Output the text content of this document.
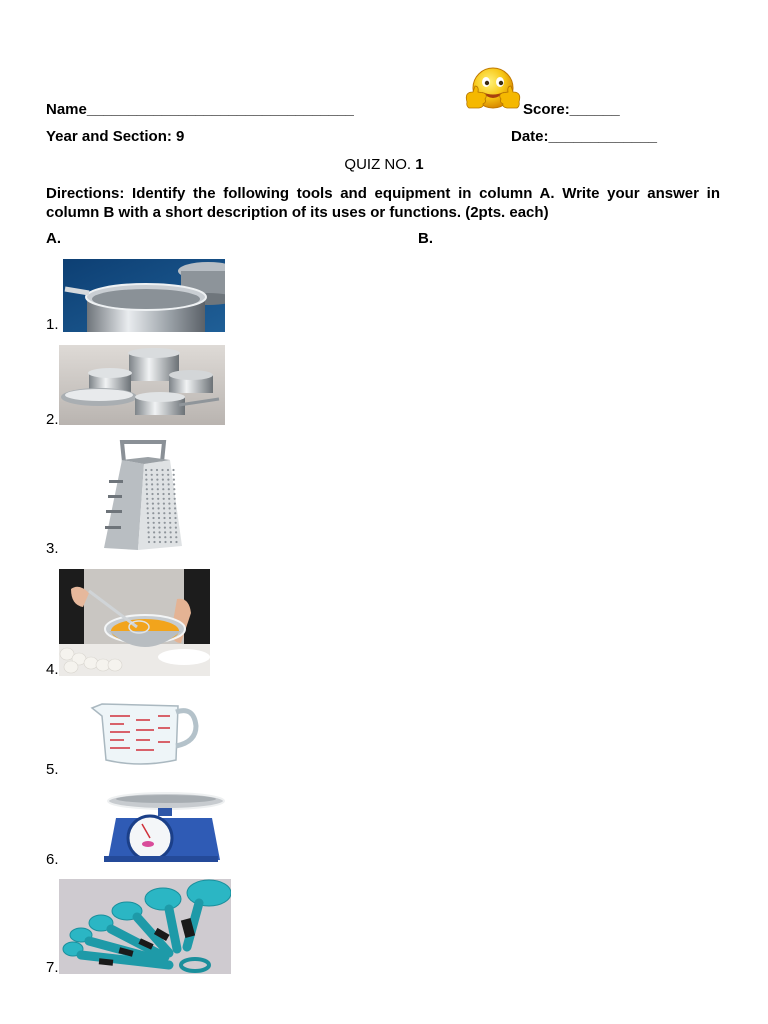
Name________________________________	Score:______
Year and Section: 9	Date:_____________
QUIZ NO. 1
Directions: Identify the following tools and equipment in column A. Write your answer in column B with a short description of its uses or functions. (2pts. each)
A.	B.
1.
2.
3.
4.
5.
6.
7.
